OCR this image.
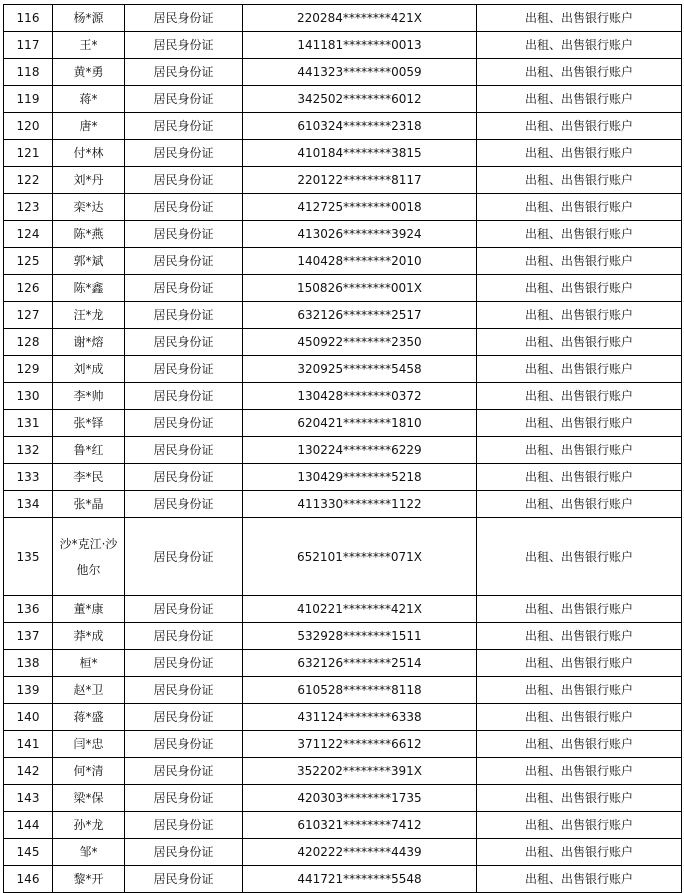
116	杨*源	居民身份证	220284********421X	出租、出售银行账户
117	王*	居民身份证	141181********0013	出租、出售银行账户
118	黄*勇	居民身份证	441323********0059	出租、出售银行账户
119	蒋*	居民身份证	342502********6012	出租、出售银行账户
120	唐*	居民身份证	610324********2318	出租、出售银行账户
121	付*林	居民身份证	410184********3815	出租、出售银行账户
122	刘*丹	居民身份证	220122********8117	出租、出售银行账户
123	栾*达	居民身份证	412725********0018	出租、出售银行账户
124	陈*燕	居民身份证	413026********3924	出租、出售银行账户
125	郭*斌	居民身份证	140428********2010	出租、出售银行账户
126	陈*鑫	居民身份证	150826********001X	出租、出售银行账户
127	汪*龙	居民身份证	632126********2517	出租、出售银行账户
128	谢*熔	居民身份证	450922********2350	出租、出售银行账户
129	刘*成	居民身份证	320925********5458	出租、出售银行账户
130	李*帅	居民身份证	130428********0372	出租、出售银行账户
131	张*铎	居民身份证	620421********1810	出租、出售银行账户
132	鲁*红	居民身份证	130224********6229	出租、出售银行账户
133	李*民	居民身份证	130429********5218	出租、出售银行账户
134	张*晶	居民身份证	411330********1122	出租、出售银行账户
135	沙*克江·沙他尔	居民身份证	652101********071X	出租、出售银行账户
136	董*康	居民身份证	410221********421X	出租、出售银行账户
137	莽*成	居民身份证	532928********1511	出租、出售银行账户
138	桓*	居民身份证	632126********2514	出租、出售银行账户
139	赵*卫	居民身份证	610528********8118	出租、出售银行账户
140	蒋*盛	居民身份证	431124********6338	出租、出售银行账户
141	闫*忠	居民身份证	371122********6612	出租、出售银行账户
142	何*清	居民身份证	352202********391X	出租、出售银行账户
143	梁*保	居民身份证	420303********1735	出租、出售银行账户
144	孙*龙	居民身份证	610321********7412	出租、出售银行账户
145	邹*	居民身份证	420222********4439	出租、出售银行账户
146	黎*开	居民身份证	441721********5548	出租、出售银行账户
